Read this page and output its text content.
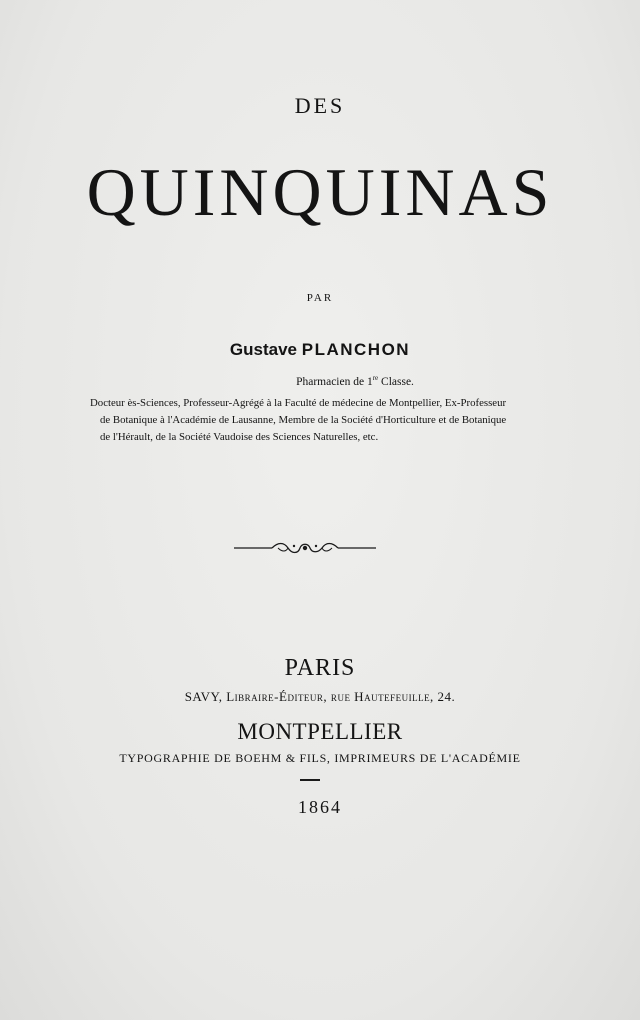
DES
QUINQUINAS
PAR
Gustave PLANCHON
Pharmacien de 1re Classe.
Docteur ès-Sciences, Professeur-Agrégé à la Faculté de médecine de Montpellier, Ex-Professeur
de Botanique à l'Académie de Lausanne, Membre de la Société d'Horticulture et de Botanique
de l'Hérault, de la Société Vaudoise des Sciences Naturelles, etc.
PARIS
SAVY, Libraire-Éditeur, rue Hautefeuille, 24.
MONTPELLIER
TYPOGRAPHIE DE BOEHM & FILS, IMPRIMEURS DE L'ACADÉMIE
1864
